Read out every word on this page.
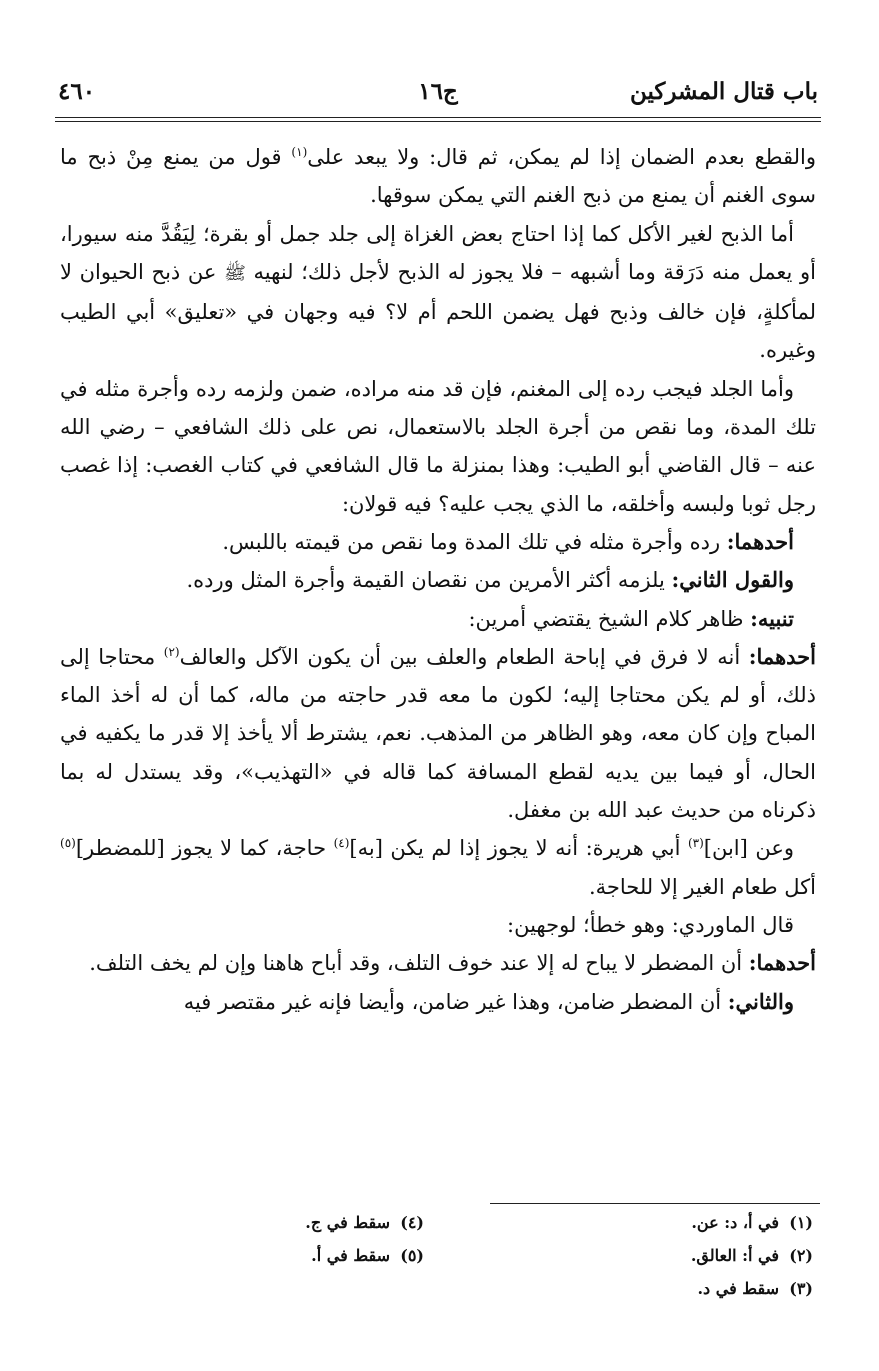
باب قتال المشركين
ج١٦
٤٦٠

والقطع بعدم الضمان إذا لم يمكن، ثم قال: ولا يبعد على$^{(١)}$ قول من يمنع مِنْ ذبح ما سوى الغنم أن يمنع من ذبح الغنم التي يمكن سوقها.

أما الذبح لغير الأكل كما إذا احتاج بعض الغزاة إلى جلد جمل أو بقرة؛ لِيَقُدَّ منه سيورا، أو يعمل منه دَرَقة وما أشبهه – فلا يجوز له الذبح لأجل ذلك؛ لنهيه ﷺ عن ذبح الحيوان لا لمأكلةٍ، فإن خالف وذبح فهل يضمن اللحم أم لا؟ فيه وجهان في «تعليق» أبي الطيب وغيره.

وأما الجلد فيجب رده إلى المغنم، فإن قد منه مراده، ضمن ولزمه رده وأجرة مثله في تلك المدة، وما نقص من أجرة الجلد بالاستعمال، نص على ذلك الشافعي – رضي الله عنه – قال القاضي أبو الطيب: وهذا بمنزلة ما قال الشافعي في كتاب الغصب: إذا غصب رجل ثوبا ولبسه وأخلقه، ما الذي يجب عليه؟ فيه قولان:

أحدهما: رده وأجرة مثله في تلك المدة وما نقص من قيمته باللبس.

والقول الثاني: يلزمه أكثر الأمرين من نقصان القيمة وأجرة المثل ورده.

تنبيه: ظاهر كلام الشيخ يقتضي أمرين:

أحدهما: أنه لا فرق في إباحة الطعام والعلف بين أن يكون الآكل والعالف$^{(٢)}$ محتاجا إلى ذلك، أو لم يكن محتاجا إليه؛ لكون ما معه قدر حاجته من ماله، كما أن له أخذ الماء المباح وإن كان معه، وهو الظاهر من المذهب. نعم، يشترط ألا يأخذ إلا قدر ما يكفيه في الحال، أو فيما بين يديه لقطع المسافة كما قاله في «التهذيب»، وقد يستدل له بما ذكرناه من حديث عبد الله بن مغفل.

وعن [ابن]$^{(٣)}$ أبي هريرة: أنه لا يجوز إذا لم يكن [به]$^{(٤)}$ حاجة، كما لا يجوز [للمضطر]$^{(٥)}$ أكل طعام الغير إلا للحاجة.

قال الماوردي: وهو خطأ؛ لوجهين:

أحدهما: أن المضطر لا يباح له إلا عند خوف التلف، وقد أباح هاهنا وإن لم يخف التلف.

والثاني: أن المضطر ضامن، وهذا غير ضامن، وأيضا فإنه غير مقتصر فيه

(١)في أ، د: عن.
(٢)في أ: العالق.
(٣)سقط في د.
(٤)سقط في ج.
(٥)سقط في أ.
